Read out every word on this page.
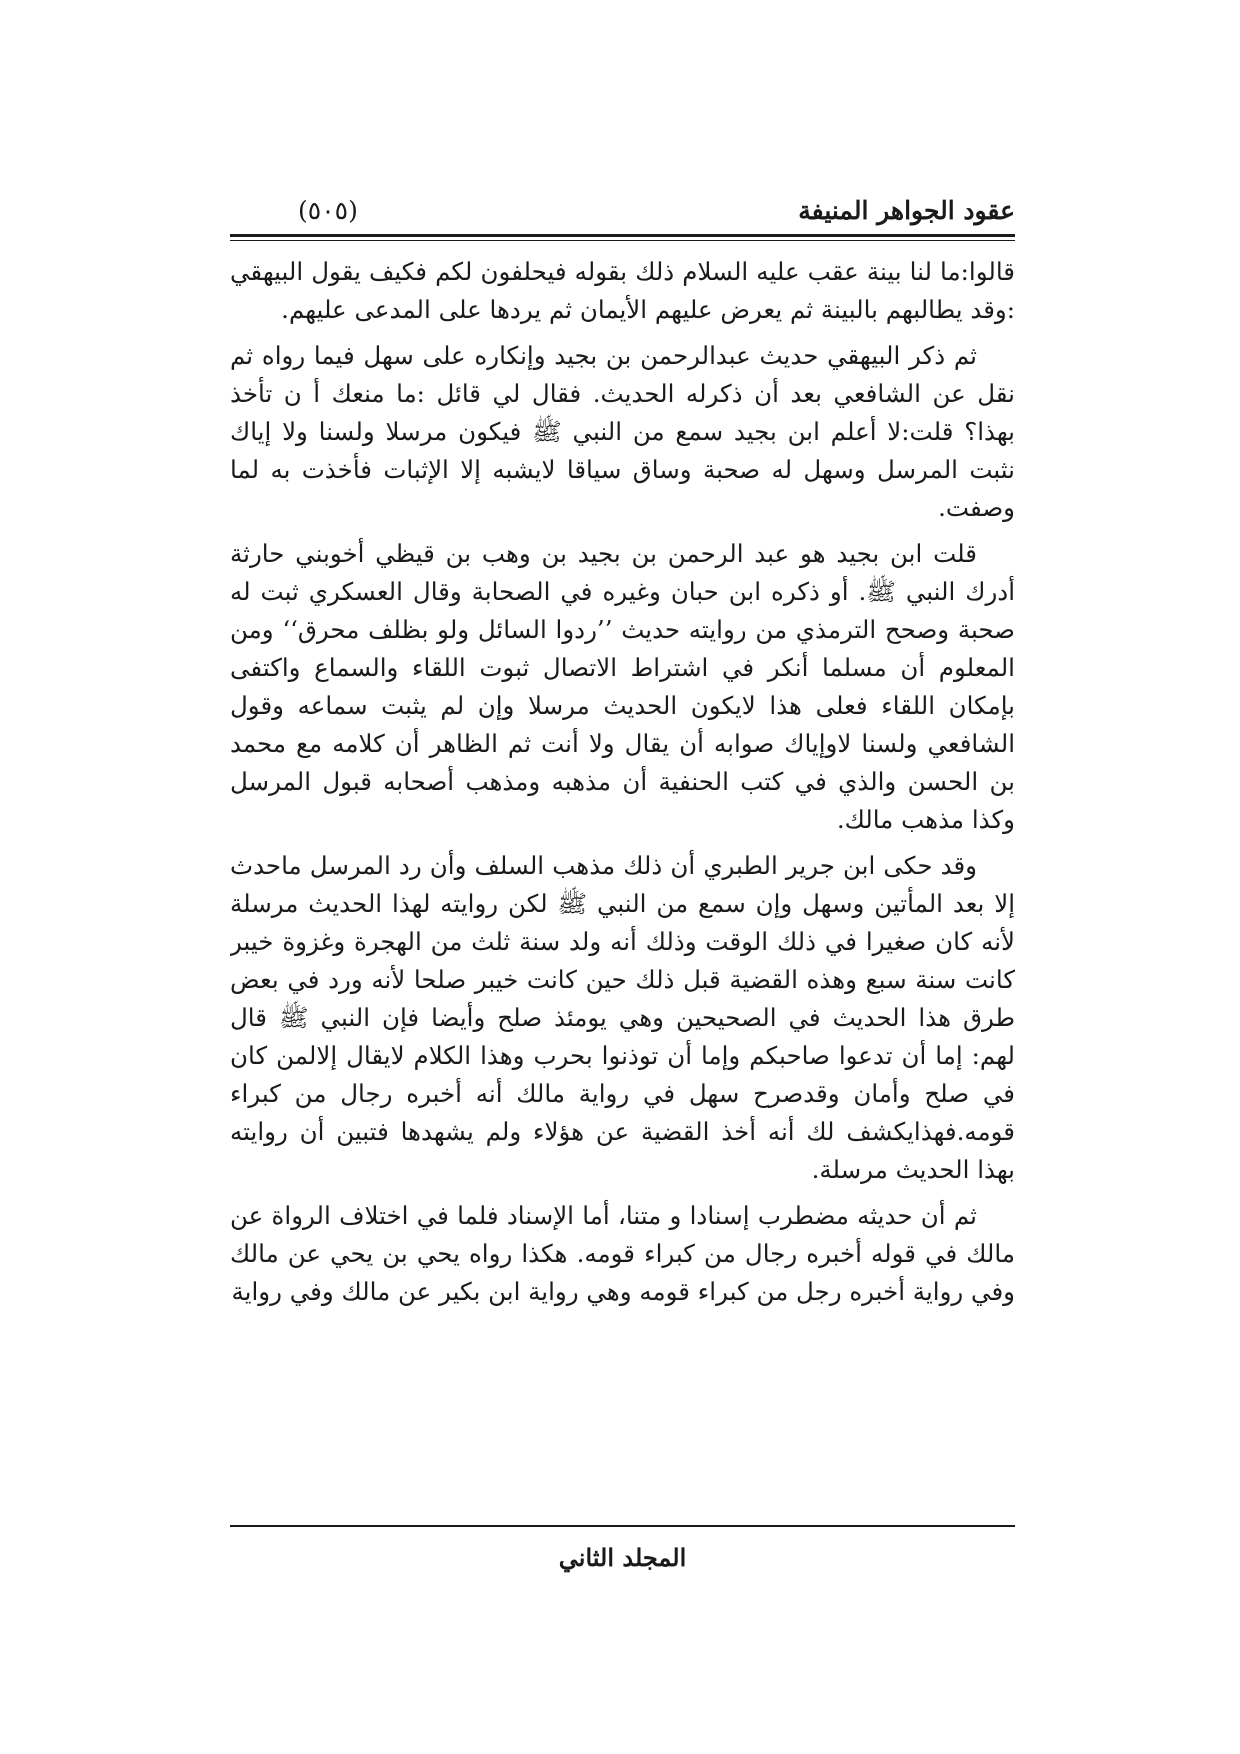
عقود الجواهر المنيفة
(٥٠٥)

قالوا:ما لنا بينة عقب عليه السلام ذلك بقوله فيحلفون لكم فكيف يقول البيهقي :وقد يطالبهم بالبينة ثم يعرض عليهم الأيمان ثم يردها على المدعى عليهم.

ثم ذكر البيهقي حديث عبدالرحمن بن بجيد وإنكاره على سهل فيما رواه ثم نقل عن الشافعي بعد أن ذكرله الحديث. فقال لي قائل :ما منعك أ ن تأخذ بهذا؟ قلت:لا أعلم ابن بجيد سمع من النبي ﷺ فيكون مرسلا ولسنا ولا إياك نثبت المرسل وسهل له صحبة وساق سياقا لايشبه إلا الإثبات فأخذت به لما وصفت.

قلت ابن بجيد هو عبد الرحمن بن بجيد بن وهب بن قيظي أخوبني حارثة أدرك النبي ﷺ. أو ذكره ابن حبان وغيره في الصحابة وقال العسكري ثبت له صحبة وصحح الترمذي من روايته حديث ’’ردوا السائل ولو بظلف محرق‘‘ ومن المعلوم أن مسلما أنكر في اشتراط الاتصال ثبوت اللقاء والسماع واكتفى بإمكان اللقاء فعلى هذا لايكون الحديث مرسلا وإن لم يثبت سماعه وقول الشافعي ولسنا لاوإياك صوابه أن يقال ولا أنت ثم الظاهر أن كلامه مع محمد بن الحسن والذي في كتب الحنفية أن مذهبه ومذهب أصحابه قبول المرسل وكذا مذهب مالك.

وقد حكى ابن جرير الطبري أن ذلك مذهب السلف وأن رد المرسل ماحدث إلا بعد المأتين وسهل وإن سمع من النبي ﷺ لكن روايته لهذا الحديث مرسلة لأنه كان صغيرا في ذلك الوقت وذلك أنه ولد سنة ثلث من الهجرة وغزوة خيبر كانت سنة سبع وهذه القضية قبل ذلك حين كانت خيبر صلحا لأنه ورد في بعض طرق هذا الحديث في الصحيحين وهي يومئذ صلح وأيضا فإن النبي ﷺ قال لهم: إما أن تدعوا صاحبكم وإما أن توذنوا بحرب وهذا الكلام لايقال إلالمن كان في صلح وأمان وقدصرح سهل في رواية مالك أنه أخبره رجال من كبراء قومه.فهذايكشف لك أنه أخذ القضية عن هؤلاء ولم يشهدها فتبين أن روايته بهذا الحديث مرسلة.

ثم أن حديثه مضطرب إسنادا و متنا، أما الإسناد فلما في اختلاف الرواة عن مالك في قوله أخبره رجال من كبراء قومه. هكذا رواه يحي بن يحي عن مالك وفي رواية أخبره رجل من كبراء قومه وهي رواية ابن بكير عن مالك وفي رواية

المجلد الثاني
